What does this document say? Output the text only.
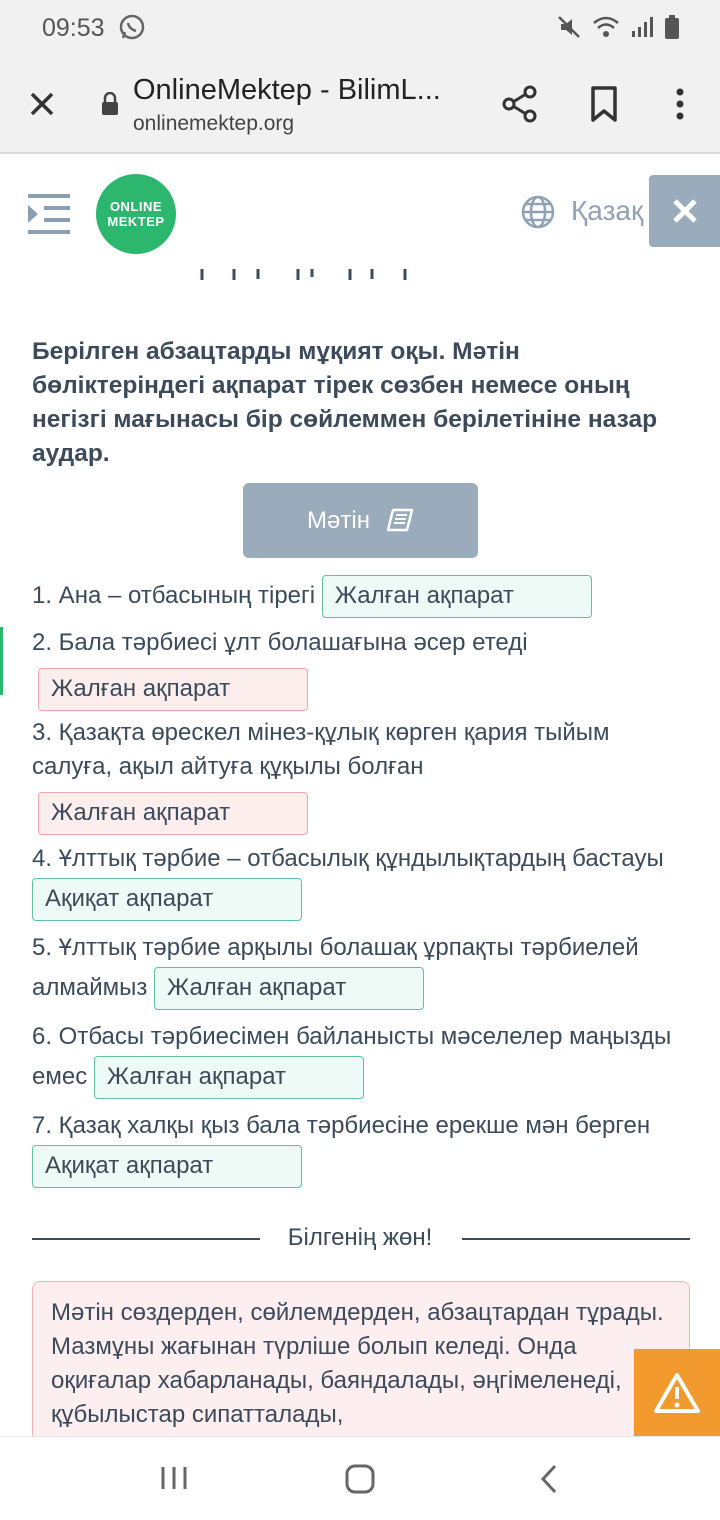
09:53
OnlineMektep - BilimL...
onlinemektep.org
ONLINE
MEKTEP	Қазақ
Берілген абзацтарды мұқият оқы. Мәтін бөліктеріндегі ақпарат тірек сөзбен немесе оның негізгі мағынасы бір сөйлеммен берілетініне назар аудар.
Мәтін
1. Ана – отбасының тірегі Жалған ақпарат
2. Бала тәрбиесі ұлт болашағына әсер етеді
Жалған ақпарат
3. Қазақта өрескел мінез-құлық көрген қария тыйым салуға, ақыл айтуға құқылы болған
Жалған ақпарат
4. Ұлттық тәрбие – отбасылық құндылықтардың бастауы Ақиқат ақпарат
5. Ұлттық тәрбие арқылы болашақ ұрпақты тәрбиелей алмаймыз Жалған ақпарат
6. Отбасы тәрбиесімен байланысты мәселелер маңызды емес Жалған ақпарат
7. Қазақ халқы қыз бала тәрбиесіне ерекше мән берген Ақиқат ақпарат
Білгенің жөн!
Мәтін сөздерден, сөйлемдерден, абзацтардан тұрады. Мазмұны жағынан түрліше болып келеді. Онда оқиғалар хабарланады, баяндалады, әңгімеленеді, құбылыстар сипатталады,
